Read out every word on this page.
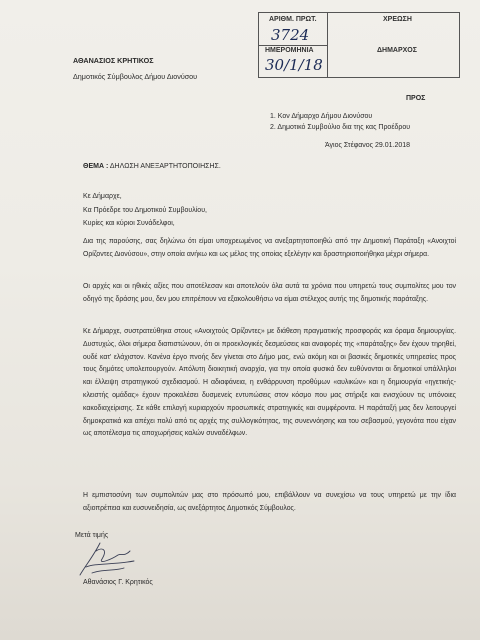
ΑΡΙΘΜ. ΠΡΩΤ.
3724
ΗΜΕΡΟΜΗΝΙΑ
30/1/18
ΧΡΕΩΣΗ
ΔΗΜΑΡΧΟΣ
ΑΘΑΝΑΣΙΟΣ ΚΡΗΤΙΚΟΣ
Δημοτικός Σύμβουλος Δήμου Διονύσου
ΠΡΟΣ
1. Κον Δήμαρχο Δήμου Διονύσου
2. Δημοτικό Συμβούλιο δια της κας Προέδρου
Άγιος Στέφανος 29.01.2018
ΘΕΜΑ : ΔΗΛΩΣΗ ΑΝΕΞΑΡΤΗΤΟΠΟΙΗΣΗΣ.
Κε Δήμαρχε,
Κα Πρόεδρε του Δημοτικού Συμβουλίου,
Κυρίες και κύριοι Συνάδελφοι,

Δια της παρούσης, σας δηλώνω ότι είμαι υποχρεωμένος να ανεξαρτητοποιηθώ από την Δημοτική Παράταξη «Ανοιχτοί Ορίζοντες Διονύσου», στην οποία ανήκω και ως μέλος της οποίας εξελέγην και δραστηριοποιήθηκα μέχρι σήμερα.

Οι αρχές και οι ηθικές αξίες που αποτέλεσαν και αποτελούν όλα αυτά τα χρόνια που υπηρετώ τους συμπολίτες μου τον οδηγό της δράσης μου, δεν μου επιτρέπουν να εξακολουθήσω να είμαι στέλεχος αυτής της δημοτικής παράταξης.

Κε Δήμαρχε, συστρατεύθηκα στους «Ανοιχτούς Ορίζοντες» με διάθεση πραγματικής προσφοράς και όραμα δημιουργίας. Δυστυχώς, όλοι σήμερα διαπιστώνουν, ότι οι προεκλογικές δεσμεύσεις και αναφορές της «παράταξης» δεν έχουν τηρηθεί, ουδέ κατ' ελάχιστον. Κανένα έργο πνοής δεν γίνεται στο Δήμο μας, ενώ ακόμη και οι βασικές δημοτικές υπηρεσίες προς τους δημότες υπολειτουργούν. Απόλυτη διοικητική αναρχία, για την οποία φυσικά δεν ευθύνονται οι δημοτικοί υπάλληλοι και έλλειψη στρατηγικού σχεδιασμού. Η αδιαφάνεια, η ενθάρρυνση προθύμων «αυλικών» και η δημιουργία «ηγετικής-κλειστής ομάδας» έχουν προκαλέσει δυσμενείς εντυπώσεις στον κόσμο που μας στήριξε και ενισχύουν τις υπόνοιες κακοδιαχείρισης. Σε κάθε επιλογή κυριαρχούν προσωπικές στρατηγικές και συμφέροντα. Η παράταξή μας δεν λειτουργεί δημοκρατικά και απέχει πολύ από τις αρχές της συλλογικότητας, της συνεννόησης και του σεβασμού, γεγονότα που είχαν ως αποτέλεσμα τις αποχωρήσεις καλών συναδέλφων.

Η εμπιστοσύνη των συμπολιτών μας στο πρόσωπό μου, επιβάλλουν να συνεχίσω να τους υπηρετώ με την ίδια αξιοπρέπεια και ευσυνειδησία, ως ανεξάρτητος Δημοτικός Σύμβουλος.

Μετά τιμής
Αθανάσιος Γ. Κρητικός
